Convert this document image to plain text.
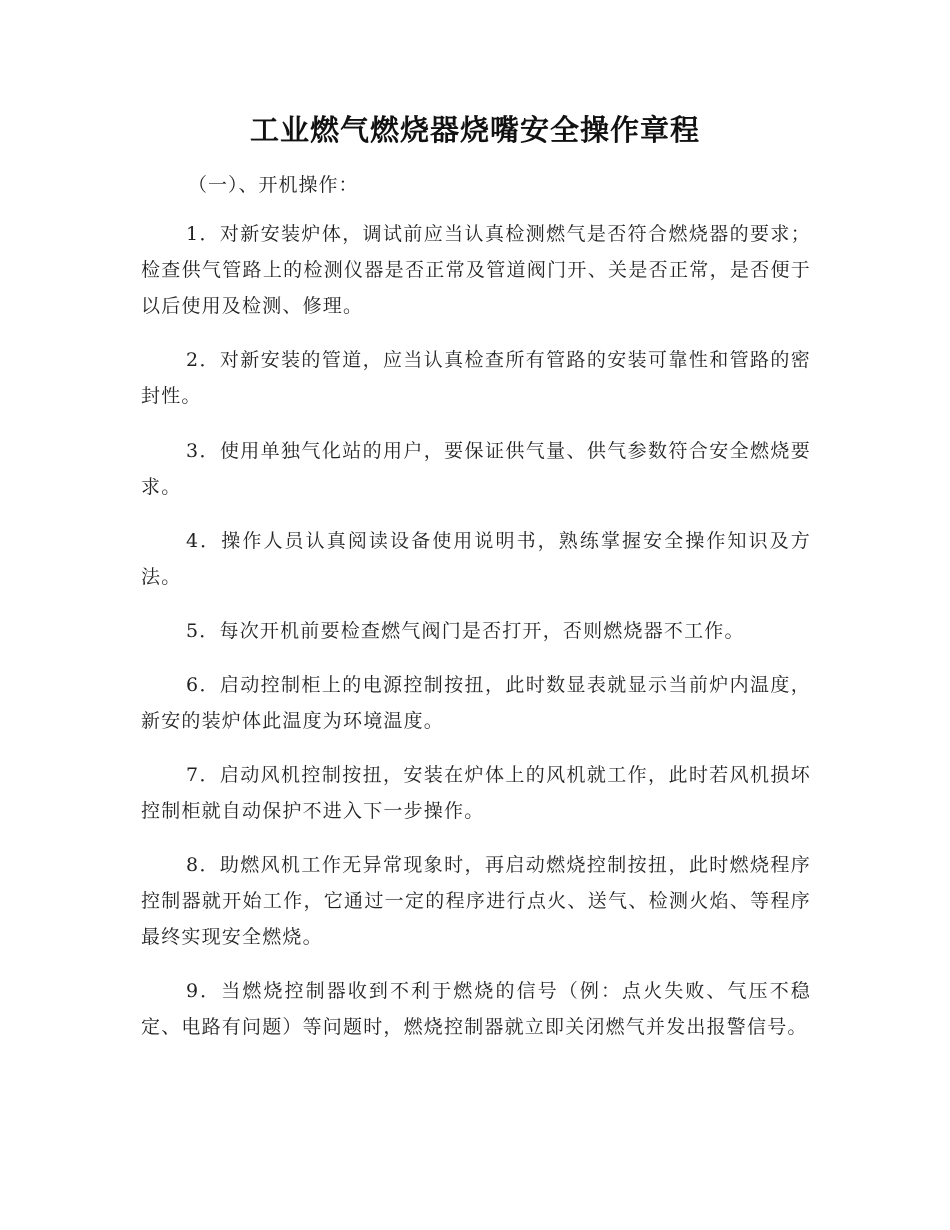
工业燃气燃烧器烧嘴安全操作章程

（一）、开机操作：

1．对新安装炉体，调试前应当认真检测燃气是否符合燃烧器的要求；检查供气管路上的检测仪器是否正常及管道阀门开、关是否正常，是否便于以后使用及检测、修理。

2．对新安装的管道，应当认真检查所有管路的安装可靠性和管路的密封性。

3．使用单独气化站的用户，要保证供气量、供气参数符合安全燃烧要求。

4．操作人员认真阅读设备使用说明书，熟练掌握安全操作知识及方法。

5．每次开机前要检查燃气阀门是否打开，否则燃烧器不工作。

6．启动控制柜上的电源控制按扭，此时数显表就显示当前炉内温度，新安的装炉体此温度为环境温度。

7．启动风机控制按扭，安装在炉体上的风机就工作，此时若风机损坏控制柜就自动保护不进入下一步操作。

8．助燃风机工作无异常现象时，再启动燃烧控制按扭，此时燃烧程序控制器就开始工作，它通过一定的程序进行点火、送气、检测火焰、等程序最终实现安全燃烧。

9．当燃烧控制器收到不利于燃烧的信号（例：点火失败、气压不稳定、电路有问题）等问题时，燃烧控制器就立即关闭燃气并发出报警信号。
